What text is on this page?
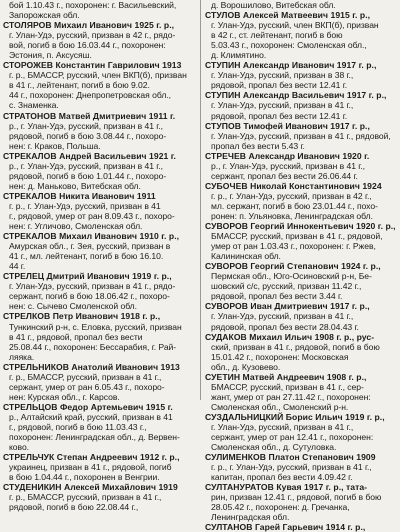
бой 1.10.43 г., похоронен: г. Васильевский,
Запорожская обл.
СТОЛЯРОВ Михаил Иванович 1925 г. р.,
г. Улан-Удэ, русский, призван в 42 г., рядо-
вой, погиб в бою 16.03.44 г., похоронен:
Эстония, п. Аксусяш.
СТОРОЖЕВ Константин Гаврилович 1913
г. р., БМАССР, русский, член ВКП(б), призван
в 41 г., лейтенант, погиб в бою 9.02.
44 г., похоронен: Днепропетровская обл.,
с. Знаменка.
СТРАТОНОВ Матвей Дмитриевич 1911 г.
р., г. Улан-Удэ, русский, призван в 41 г.,
рядовой, погиб в бою 3.08.44 г., похоро-
нен: г. Краков, Польша.
СТРЕКАЛОВ Андрей Васильевич 1921 г.
р., г. Улан-Удэ, русский, призван в 41 г.,
рядовой, погиб в бою 1.01.44 г., похоро-
нен: д. Маньково, Витебская обл.
СТРЕКАЛОВ Никита Иванович 1911
г. р., г. Улан-Удэ, русский, призван в 41
г., рядовой, умер от ран 8.09.43 г., похоро-
нен: г. Угличово, Смоленская обл.
СТРЕКАЛОВ Михаил Иванович 1910 г. р.,
Амурская обл., г. Зея, русский, призван в
41 г., мл. лейтенант, погиб в бою 16.10.
44 г.
СТРЕЛЕЦ Дмитрий Иванович 1919 г. р.,
г. Улан-Удэ, русский, призван в 41 г., рядо-
сержант, погиб в бою 18.06.42 г., похоро-
нен: с. Сычево Смоленской обл.
СТРЕЛКОВ Петр Иванович 1918 г. р.,
Тункинский р-н, с. Еловка, русский, призван
в 41 г., рядовой, пропал без вести
25.08.44 г., похоронен: Бессарабия, г. Рай-
ляяка.
СТРЕЛЬНИКОВ Анатолий Иванович 1913
г. р., БМАССР, русский, призван в 41 г.,
сержант, умер от ран 6.05.43 г., похоро-
нен: Курская обл., г. Карсов.
СТРЕЛЬЦОВ Федор Артемьевич 1915 г.
р., Алтайский край, русский, призван в 41
г., рядовой, погиб в бою 11.03.43 г.,
похоронен: Ленинградская обл., д. Вервен-
ково.
СТРЕЛЬЧУК Степан Андреевич 1912 г. р.,
украинец, призван в 41 г., рядовой, погиб
в бою 1.04.44 г., похоронен в Венгрии.
СТУДЕНИКИН Алексей Михайлович 1919
г. р., БМАССР, русский, призван в 41 г.,
рядовой, погиб в бою 22.08.44 г.,
д. Ворошилово, Витебская обл.
СТУЛОВ Алексей Матвеевич 1915 г. р.,
г. Улан-Удэ, русский, член ВКП(б), призван
в 42 г., ст. лейтенант, погиб в бою
5.03.43 г., похоронен: Смоленская обл.,
д. Климятино.
СТУПИН Александр Иванович 1917 г. р.,
г. Улан-Удэ, русский, призван в 38 г.,
рядовой, пропал без вести 12.41 г.
СТУПИН Александр Васильевич 1917 г. р.,
г. Улан-Удэ, русский, призван в 41 г.,
рядовой, пропал без вести 12.41 г.
СТУПОВ Тимофей Иванович 1917 г. р.,
г. Улан-Удэ, русский, призван в 41 г., рядовой,
пропал без вести 5.43 г.
СТРЕЧЕВ Александр Иванович 1920 г.
р., г. Улан-Удэ, русский, призван в 41 г.,
сержант, пропал без вести 26.06.44 г.
СУБОЧЕВ Николай Константинович 1924
г. р., г. Улан-Удэ, русский, призван в 42 г.,
мл. сержант, погиб в бою 23.01.44 г., похо-
ронен: п. Ульяновка, Ленинградская обл.
СУВОРОВ Георгий Иннокентьевич 1920 г. р.,
БМАССР, русский, призван в 41 г., рядовой,
умер от ран 1.03.43 г., похоронен: г. Ржев,
Калининская обл.
СУВОРОВ Георгий Степанович 1924 г. р.,
Пермская обл., Юго-Осиновский р-н, Бе-
шовский с/с, русский, призван 11.42 г.,
рядовой, пропал без вести 3.44 г.
СУВОРОВ Иван Дмитриевич 1917 г. р.,
г. Улан-Удэ, русский, призван в 41 г.,
рядовой, пропал без вести 28.04.43 г.
СУДАКОВ Михаил Ильич 1908 г. р., рус-
ский, призван в 41 г., рядовой, погиб в бою
15.01.42 г., похоронен: Московская
обл., д. Кузовево.
СУЕТИН Матвей Андреевич 1908 г. р.,
БМАССР, русский, призван в 41 г., сер-
жант, умер от ран 27.11.42 г., похоронен:
Смоленская обл., Смоленский р-н.
СУЗДАЛЬНИЦКИЙ Борис Ильич 1919 г. р.,
г. Улан-Удэ, русский, призван в 41 г.,
сержант, умер от ран 12.41 г., похоронен:
Смоленская обл., д. Сутуловка.
СУЛИМЕНКОВ Платон Степанович 1909
г. р., г. Улан-Удэ, русский, призван в 41 г.,
капитан, пропал без вести 4.09.42 г.
СУЛТАНУРАТОВ Кувая 1917 г. р., тата-
рин, призван 12.41 г., рядовой, погиб в бою
28.05.42 г., похоронен: д. Гречанка,
Ленинградская обл.
СУЛТАНОВ Гарей Гарьевич 1914 г. р.,
